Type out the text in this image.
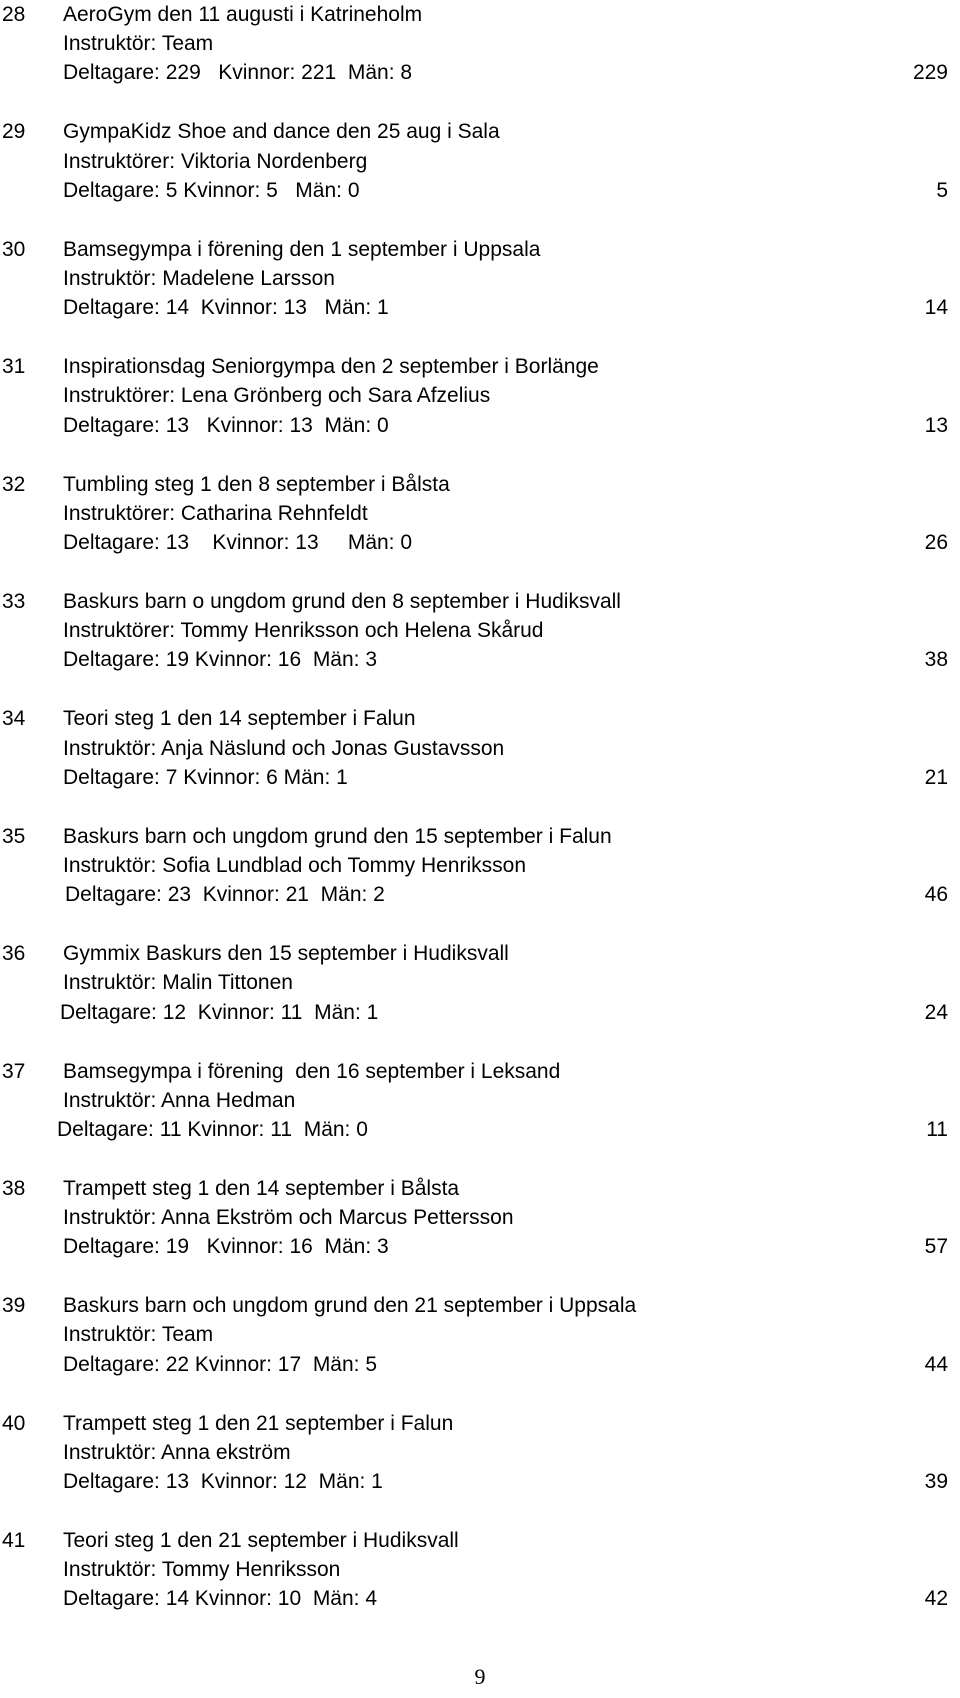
28 AeroGym den 11 augusti i Katrineholm
Instruktör: Team
Deltagare: 229   Kvinnor: 221  Män: 8	229
29 GympaKidz Shoe and dance den 25 aug i Sala
Instruktörer: Viktoria Nordenberg
Deltagare: 5 Kvinnor: 5   Män: 0	5
30 Bamsegympa i förening den 1 september i Uppsala
Instruktör: Madelene Larsson
Deltagare: 14  Kvinnor: 13   Män: 1	14
31 Inspirationsdag Seniorgympa den 2 september i Borlänge
Instruktörer: Lena Grönberg och Sara Afzelius
Deltagare: 13   Kvinnor: 13  Män: 0	13
32 Tumbling steg 1 den 8 september i Bålsta
Instruktörer: Catharina Rehnfeldt
Deltagare: 13    Kvinnor: 13     Män: 0	26
33 Baskurs barn o ungdom grund den 8 september i Hudiksvall
Instruktörer: Tommy Henriksson och Helena Skårud
Deltagare: 19 Kvinnor: 16  Män: 3	38
34 Teori steg 1 den 14 september i Falun
Instruktör: Anja Näslund och Jonas Gustavsson
Deltagare: 7 Kvinnor: 6 Män: 1	21
35 Baskurs barn och ungdom grund den 15 september i Falun
Instruktör: Sofia Lundblad och Tommy Henriksson
Deltagare: 23  Kvinnor: 21  Män: 2	46
36 Gymmix Baskurs den 15 september i Hudiksvall
Instruktör: Malin Tittonen
Deltagare: 12  Kvinnor: 11  Män: 1	24
37 Bamsegympa i förening  den 16 september i Leksand
Instruktör: Anna Hedman
Deltagare: 11 Kvinnor: 11  Män: 0	11
38 Trampett steg 1 den 14 september i Bålsta
Instruktör: Anna Ekström och Marcus Pettersson
Deltagare: 19   Kvinnor: 16  Män: 3	57
39 Baskurs barn och ungdom grund den 21 september i Uppsala
Instruktör: Team
Deltagare: 22 Kvinnor: 17  Män: 5	44
40 Trampett steg 1 den 21 september i Falun
Instruktör: Anna ekström
Deltagare: 13  Kvinnor: 12  Män: 1	39
41 Teori steg 1 den 21 september i Hudiksvall
Instruktör: Tommy Henriksson
Deltagare: 14 Kvinnor: 10  Män: 4	42
9
